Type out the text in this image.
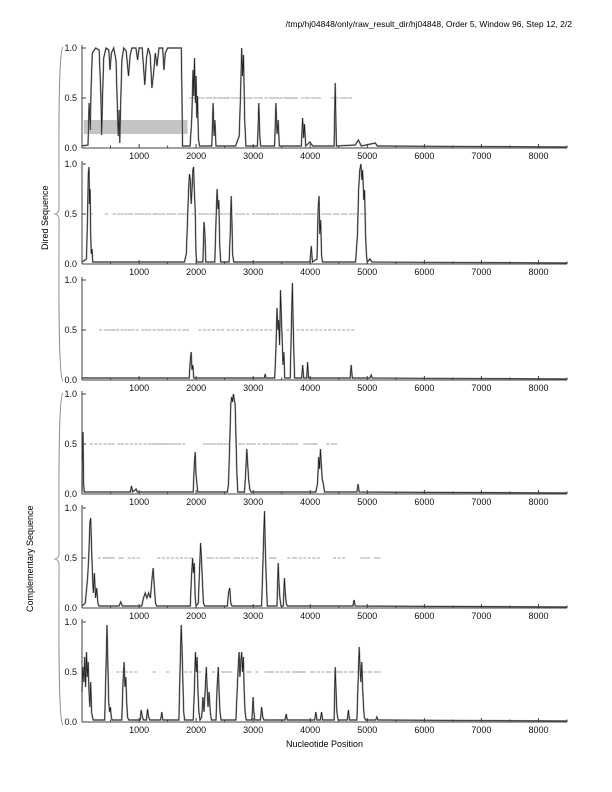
1000	2000	3000	4000	5000	6000	7000	8000
1.0
0.5
0.0
1000	2000	3000	4000	5000	6000	7000	8000
1.0
0.5
0.0
1000	2000	3000	4000	5000	6000	7000	8000
1.0
0.5
0.0
1000	2000	3000	4000	5000	6000	7000	8000
1.0
0.5
0.0
1000	2000	3000	4000	5000	6000	7000	8000
1.0
0.5
0.0
1000	2000	3000	4000	5000	6000	7000	8000
1.0
0.5
0.0
/tmp/hj04848/only/raw_result_dir/hj04848, Order 5, Window 96, Step 12, 2/2
Dired Sequence
Complementary Sequence
Nucleotide Position
